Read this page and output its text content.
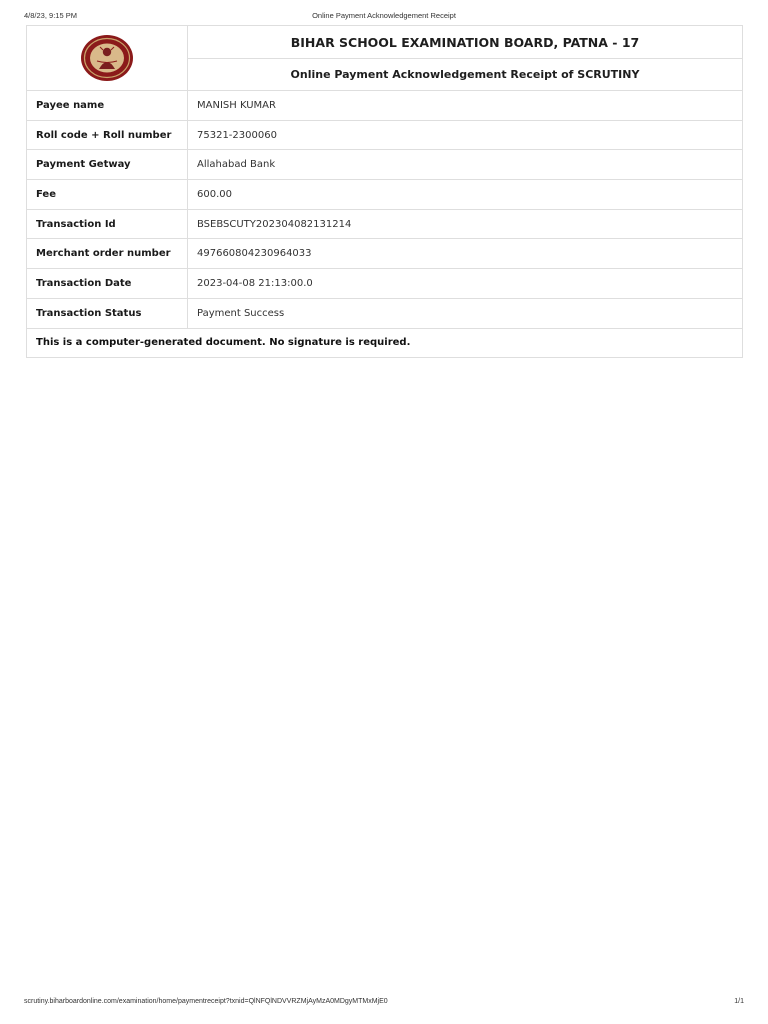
4/8/23, 9:15 PM	Online Payment Acknowledgement Receipt
	BIHAR SCHOOL EXAMINATION BOARD, PATNA - 17
	Online Payment Acknowledgement Receipt of SCRUTINY
Payee name	MANISH KUMAR
Roll code + Roll number	75321-2300060
Payment Getway	Allahabad Bank
Fee	600.00
Transaction Id	BSEBSCUTY202304082131214
Merchant order number	497660804230964033
Transaction Date	2023-04-08 21:13:00.0
Transaction Status	Payment Success
This is a computer-generated document. No signature is required.	
scrutiny.biharboardonline.com/examination/home/paymentreceipt?txnid=QlNFQlNDVVRZMjAyMzA0MDgyMTMxMjE0	1/1
